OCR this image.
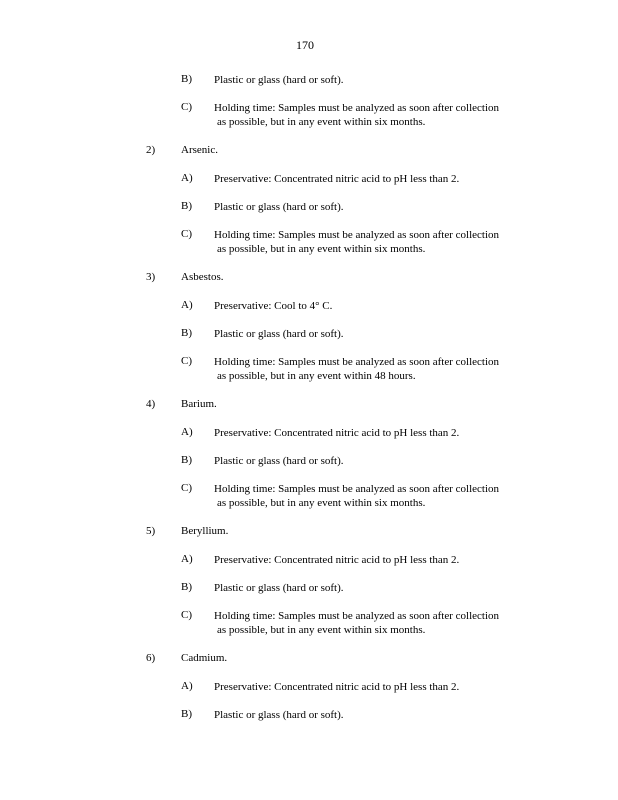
170
B) Plastic or glass (hard or soft).
C) Holding time: Samples must be analyzed as soon after collection
as possible, but in any event within six months.
2) Arsenic.
A) Preservative: Concentrated nitric acid to pH less than 2.
B) Plastic or glass (hard or soft).
C) Holding time: Samples must be analyzed as soon after collection
as possible, but in any event within six months.
3) Asbestos.
A) Preservative: Cool to 4° C.
B) Plastic or glass (hard or soft).
C) Holding time: Samples must be analyzed as soon after collection
as possible, but in any event within 48 hours.
4) Barium.
A) Preservative: Concentrated nitric acid to pH less than 2.
B) Plastic or glass (hard or soft).
C) Holding time: Samples must be analyzed as soon after collection
as possible, but in any event within six months.
5) Beryllium.
A) Preservative: Concentrated nitric acid to pH less than 2.
B) Plastic or glass (hard or soft).
C) Holding time: Samples must be analyzed as soon after collection
as possible, but in any event within six months.
6) Cadmium.
A) Preservative: Concentrated nitric acid to pH less than 2.
B) Plastic or glass (hard or soft).
